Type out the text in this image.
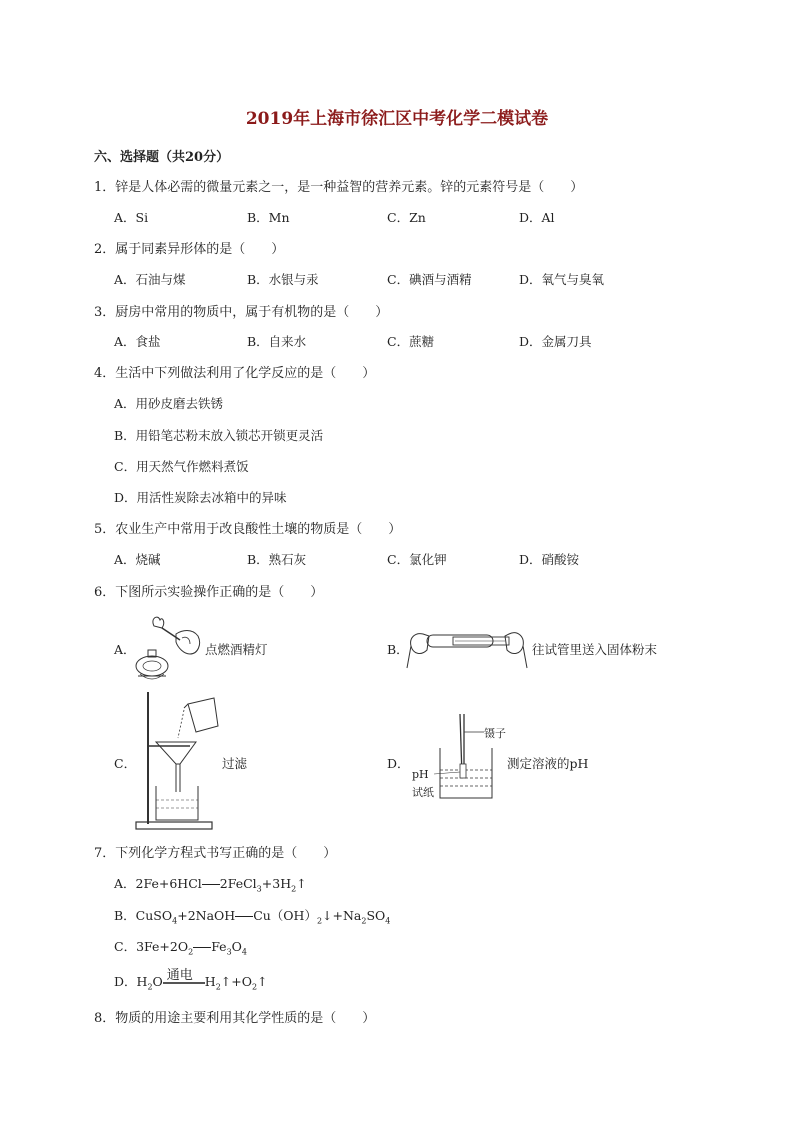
2019年上海市徐汇区中考化学二模试卷
六、选择题（共20分）
1．锌是人体必需的微量元素之一，是一种益智的营养元素。锌的元素符号是（　　）
A．Si	B．Mn	C．Zn	D．Al
2．属于同素异形体的是（　　）
A．石油与煤	B．水银与汞	C．碘酒与酒精	D．氧气与臭氧
3．厨房中常用的物质中，属于有机物的是（　　）
A．食盐	B．自来水	C．蔗糖	D．金属刀具
4．生活中下列做法利用了化学反应的是（　　）
A．用砂皮磨去铁锈
B．用铅笔芯粉末放入锁芯开锁更灵活
C．用天然气作燃料煮饭
D．用活性炭除去冰箱中的异味
5．农业生产中常用于改良酸性土壤的物质是（　　）
A．烧碱	B．熟石灰	C．氯化钾	D．硝酸铵
6．下图所示实验操作正确的是（　　）
A．	点燃酒精灯	B．	往试管里送入固体粉末
C．	过滤	D．
镊子
pH
试纸
测定溶液的pH
7．下列化学方程式书写正确的是（　　）
A．2Fe+6HCl $2FeCl_3+3H_2↑$
B．CuSO$_4$+2NaOH $Cu(OH)_2↓+Na_2SO_4$
C．$3Fe+2O_2$ $Fe_3O_4$
D．$H_2O$ 通电 $H_2↑+O_2↑$
8．物质的用途主要利用其化学性质的是（　　）
